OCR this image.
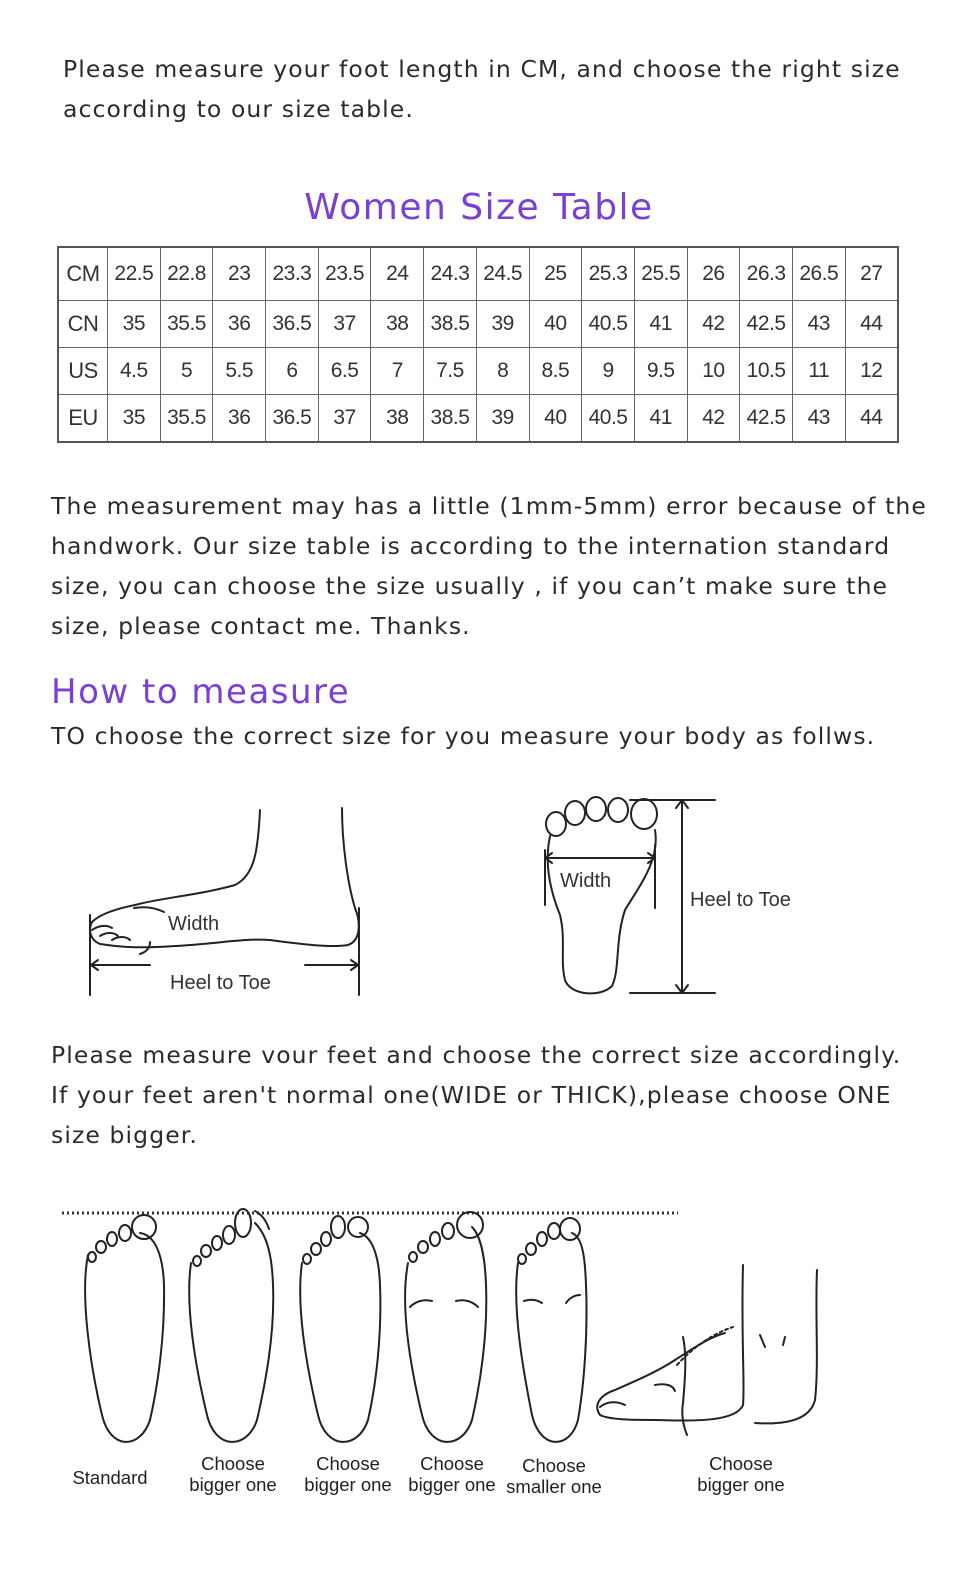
Please measure your foot length in CM, and choose the right size
according to our size table.

Women Size Table
CM	22.5	22.8	23	23.3	23.5	24	24.3	24.5	25	25.3	25.5	26	26.3	26.5	27
CN	35	35.5	36	36.5	37	38	38.5	39	40	40.5	41	42	42.5	43	44
US	4.5	5	5.5	6	6.5	7	7.5	8	8.5	9	9.5	10	10.5	11	12
EU	35	35.5	36	36.5	37	38	38.5	39	40	40.5	41	42	42.5	43	44

The measurement may has a little (1mm-5mm) error because of the
handwork. Our size table is according to the internation standard
size, you can choose the size usually , if you can’t make sure the
size, please contact me. Thanks.

How to measure

TO choose the correct size for you measure your body as follws.

Width
Heel to Toe
Width
Heel to Toe

Please measure vour feet and choose the correct size accordingly.
If your feet aren't normal one(WIDE or THICK),please choose ONE
size bigger.

Standard
Choose
bigger one
Choose
bigger one
Choose
bigger one
Choose
smaller one
Choose
bigger one
